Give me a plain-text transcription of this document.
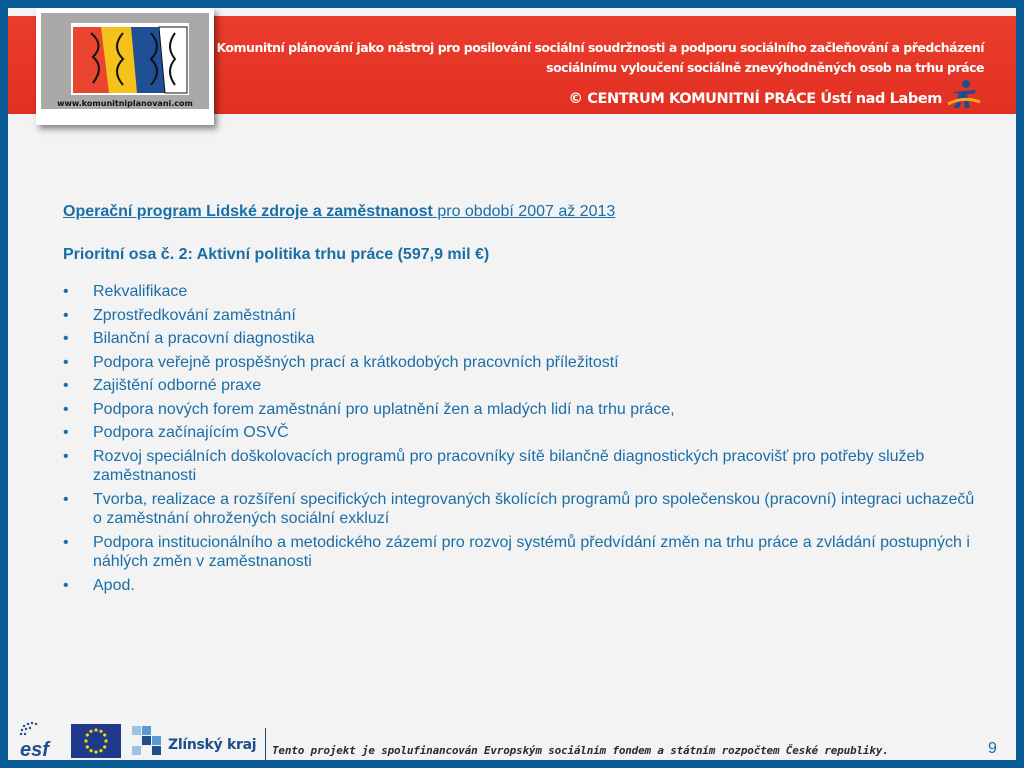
Komunitní plánování jako nástroj pro posilování sociální soudržnosti a podporu sociálního začleňování a předcházení
sociálnímu vyloučení sociálně znevýhodněných osob na trhu práce
© CENTRUM KOMUNITNÍ PRÁCE Ústí nad Labem
www.komunitniplanovani.com

Operační program Lidské zdroje a zaměstnanost pro období 2007 až 2013

Prioritní osa č. 2: Aktivní politika trhu práce (597,9 mil €)

• Rekvalifikace
• Zprostředkování zaměstnání
• Bilanční a pracovní diagnostika
• Podpora veřejně prospěšných prací a krátkodobých pracovních příležitostí
• Zajištění odborné praxe
• Podpora nových forem zaměstnání pro uplatnění žen a mladých lidí na trhu práce,
• Podpora začínajícím OSVČ
• Rozvoj speciálních doškolovacích programů pro pracovníky sítě bilančně diagnostických pracovišť pro potřeby služeb zaměstnanosti
• Tvorba, realizace a rozšíření specifických integrovaných školících programů pro společenskou (pracovní) integraci uchazečů o zaměstnání ohrožených sociální exkluzí
• Podpora institucionálního a metodického zázemí pro rozvoj systémů předvídání změn na trhu práce a zvládání postupných i náhlých změn v zaměstnanosti
• Apod.
esf	Zlínský kraj Tento projekt je spolufinancován Evropským sociálním fondem a státním rozpočtem České republiky.	9
